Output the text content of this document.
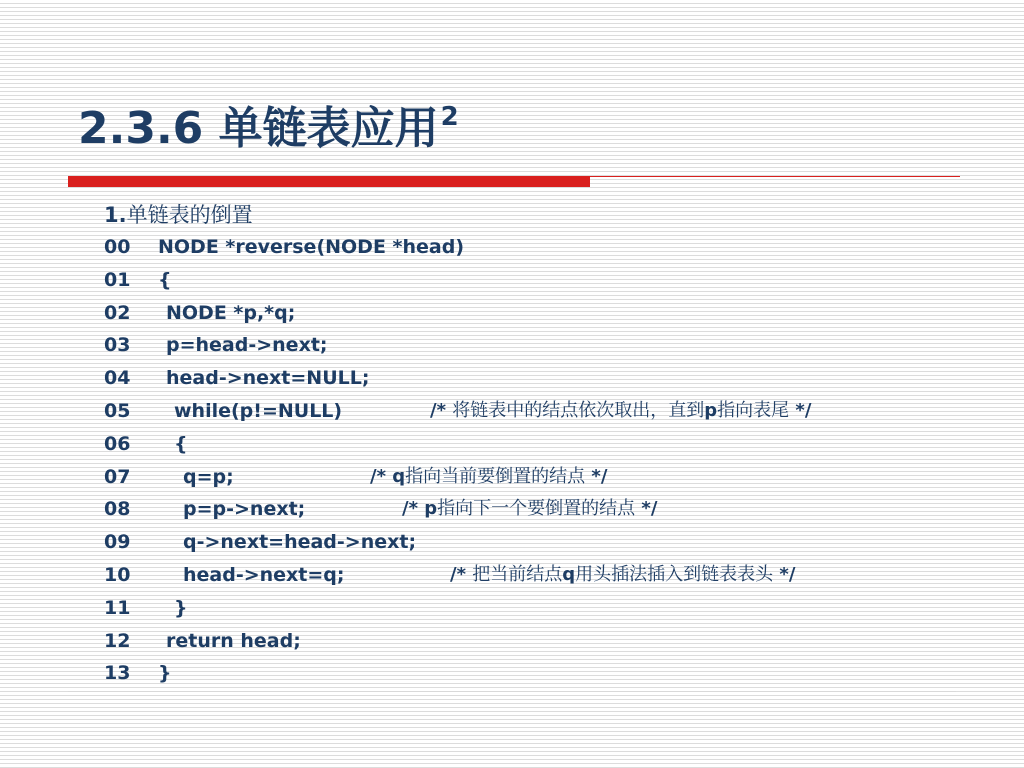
2.3.6 单链表应用$^2$
1.单链表的倒置
00 NODE *reverse(NODE *head)
01 {
02 NODE *p,*q;
03 p=head->next;
04 head->next=NULL;
05 while(p!=NULL)	/* 将链表中的结点依次取出，直到p指向表尾 */
06 {
07	q=p;	/* q指向当前要倒置的结点 */
08	p=p->next;	/* p指向下一个要倒置的结点 */
09	q->next=head->next;
10	head->next=q;	/* 把当前结点q用头插法插入到链表表头 */
11 }
12 return head;
13 }
